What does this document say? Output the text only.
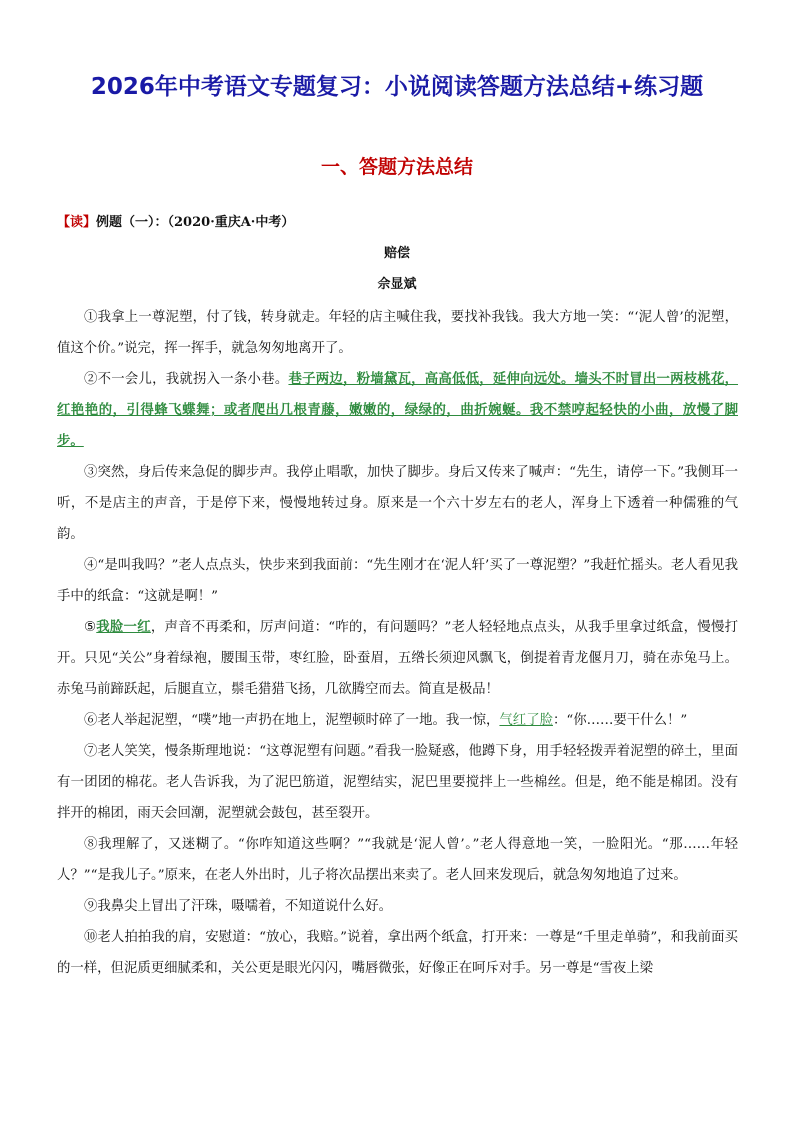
2026年中考语文专题复习：小说阅读答题方法总结+练习题
一、答题方法总结
【读】例题（一）：（2020·重庆A·中考）
赔偿
佘显斌

①我拿上一尊泥塑，付了钱，转身就走。年轻的店主喊住我，要找补我钱。我大方地一笑：“‘泥人曾’的泥塑，值这个价。”说完，挥一挥手，就急匆匆地离开了。

②不一会儿，我就拐入一条小巷。巷子两边，粉墙黛瓦，高高低低，延伸向远处。墙头不时冒出一两枝桃花，红艳艳的，引得蜂飞蝶舞；或者爬出几根青藤，嫩嫩的，绿绿的，曲折婉蜒。我不禁哼起轻快的小曲，放慢了脚步。

③突然，身后传来急促的脚步声。我停止唱歌，加快了脚步。身后又传来了喊声：“先生，请停一下。”我侧耳一听，不是店主的声音，于是停下来，慢慢地转过身。原来是一个六十岁左右的老人，浑身上下透着一种儒雅的气韵。

④“是叫我吗？”老人点点头，快步来到我面前：“先生刚才在‘泥人轩’买了一尊泥塑？”我赶忙摇头。老人看见我手中的纸盒：“这就是啊！”

⑤我脸一红，声音不再柔和，厉声问道：“咋的，有问题吗？”老人轻轻地点点头，从我手里拿过纸盒，慢慢打开。只见“关公”身着绿袍，腰围玉带，枣红脸，卧蚕眉，五绺长须迎风飘飞，倒提着青龙偃月刀，骑在赤兔马上。赤兔马前蹄跃起，后腿直立，鬃毛猎猎飞扬，几欲腾空而去。简直是极品！

⑥老人举起泥塑，“噗”地一声扔在地上，泥塑顿时碎了一地。我一惊，气红了脸：“你……要干什么！”

⑦老人笑笑，慢条斯理地说：“这尊泥塑有问题。”看我一脸疑惑，他蹲下身，用手轻轻拨弄着泥塑的碎土，里面有一团团的棉花。老人告诉我，为了泥巴筋道，泥塑结实，泥巴里要搅拌上一些棉丝。但是，绝不能是棉团。没有拌开的棉团，雨天会回潮，泥塑就会鼓包，甚至裂开。

⑧我理解了，又迷糊了。“你咋知道这些啊？”“我就是‘泥人曾’。”老人得意地一笑，一脸阳光。“那……年轻人？”“是我儿子。”原来，在老人外出时，儿子将次品摆出来卖了。老人回来发现后，就急匆匆地追了过来。

⑨我鼻尖上冒出了汗珠，嗫嚅着，不知道说什么好。

⑩老人拍拍我的肩，安慰道：“放心，我赔。”说着，拿出两个纸盒，打开来：一尊是“千里走单骑”，和我前面买的一样，但泥质更细腻柔和，关公更是眼光闪闪，嘴唇微张，好像正在呵斥对手。另一尊是“雪夜上梁
